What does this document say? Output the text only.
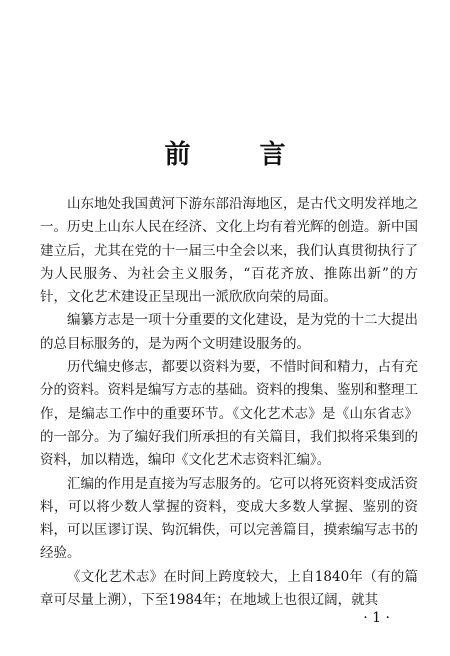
前 言

山东地处我国黄河下游东部沿海地区，是古代文明发祥地之一。历史上山东人民在经济、文化上均有着光辉的创造。新中国建立后，尤其在党的十一届三中全会以来，我们认真贯彻执行了为人民服务、为社会主义服务，“百花齐放、推陈出新”的方针，文化艺术建设正呈现出一派欣欣向荣的局面。

编纂方志是一项十分重要的文化建设，是为党的十二大提出的总目标服务的，是为两个文明建设服务的。

历代编史修志，都要以资料为要，不惜时间和精力，占有充分的资料。资料是编写方志的基础。资料的搜集、鉴别和整理工作，是编志工作中的重要环节。《文化艺术志》是《山东省志》的一部分。为了编好我们所承担的有关篇目，我们拟将采集到的资料，加以精选，编印《文化艺术志资料汇编》。

汇编的作用是直接为写志服务的。它可以将死资料变成活资料，可以将少数人掌握的资料，变成大多数人掌握、鉴别的资料，可以匡谬订误、钩沉辑佚，可以完善篇目，摸索编写志书的经验。

《文化艺术志》在时间上跨度较大，上自1840年（有的篇章可尽量上溯），下至1984年；在地域上也很辽阔，就其

· 1 ·
